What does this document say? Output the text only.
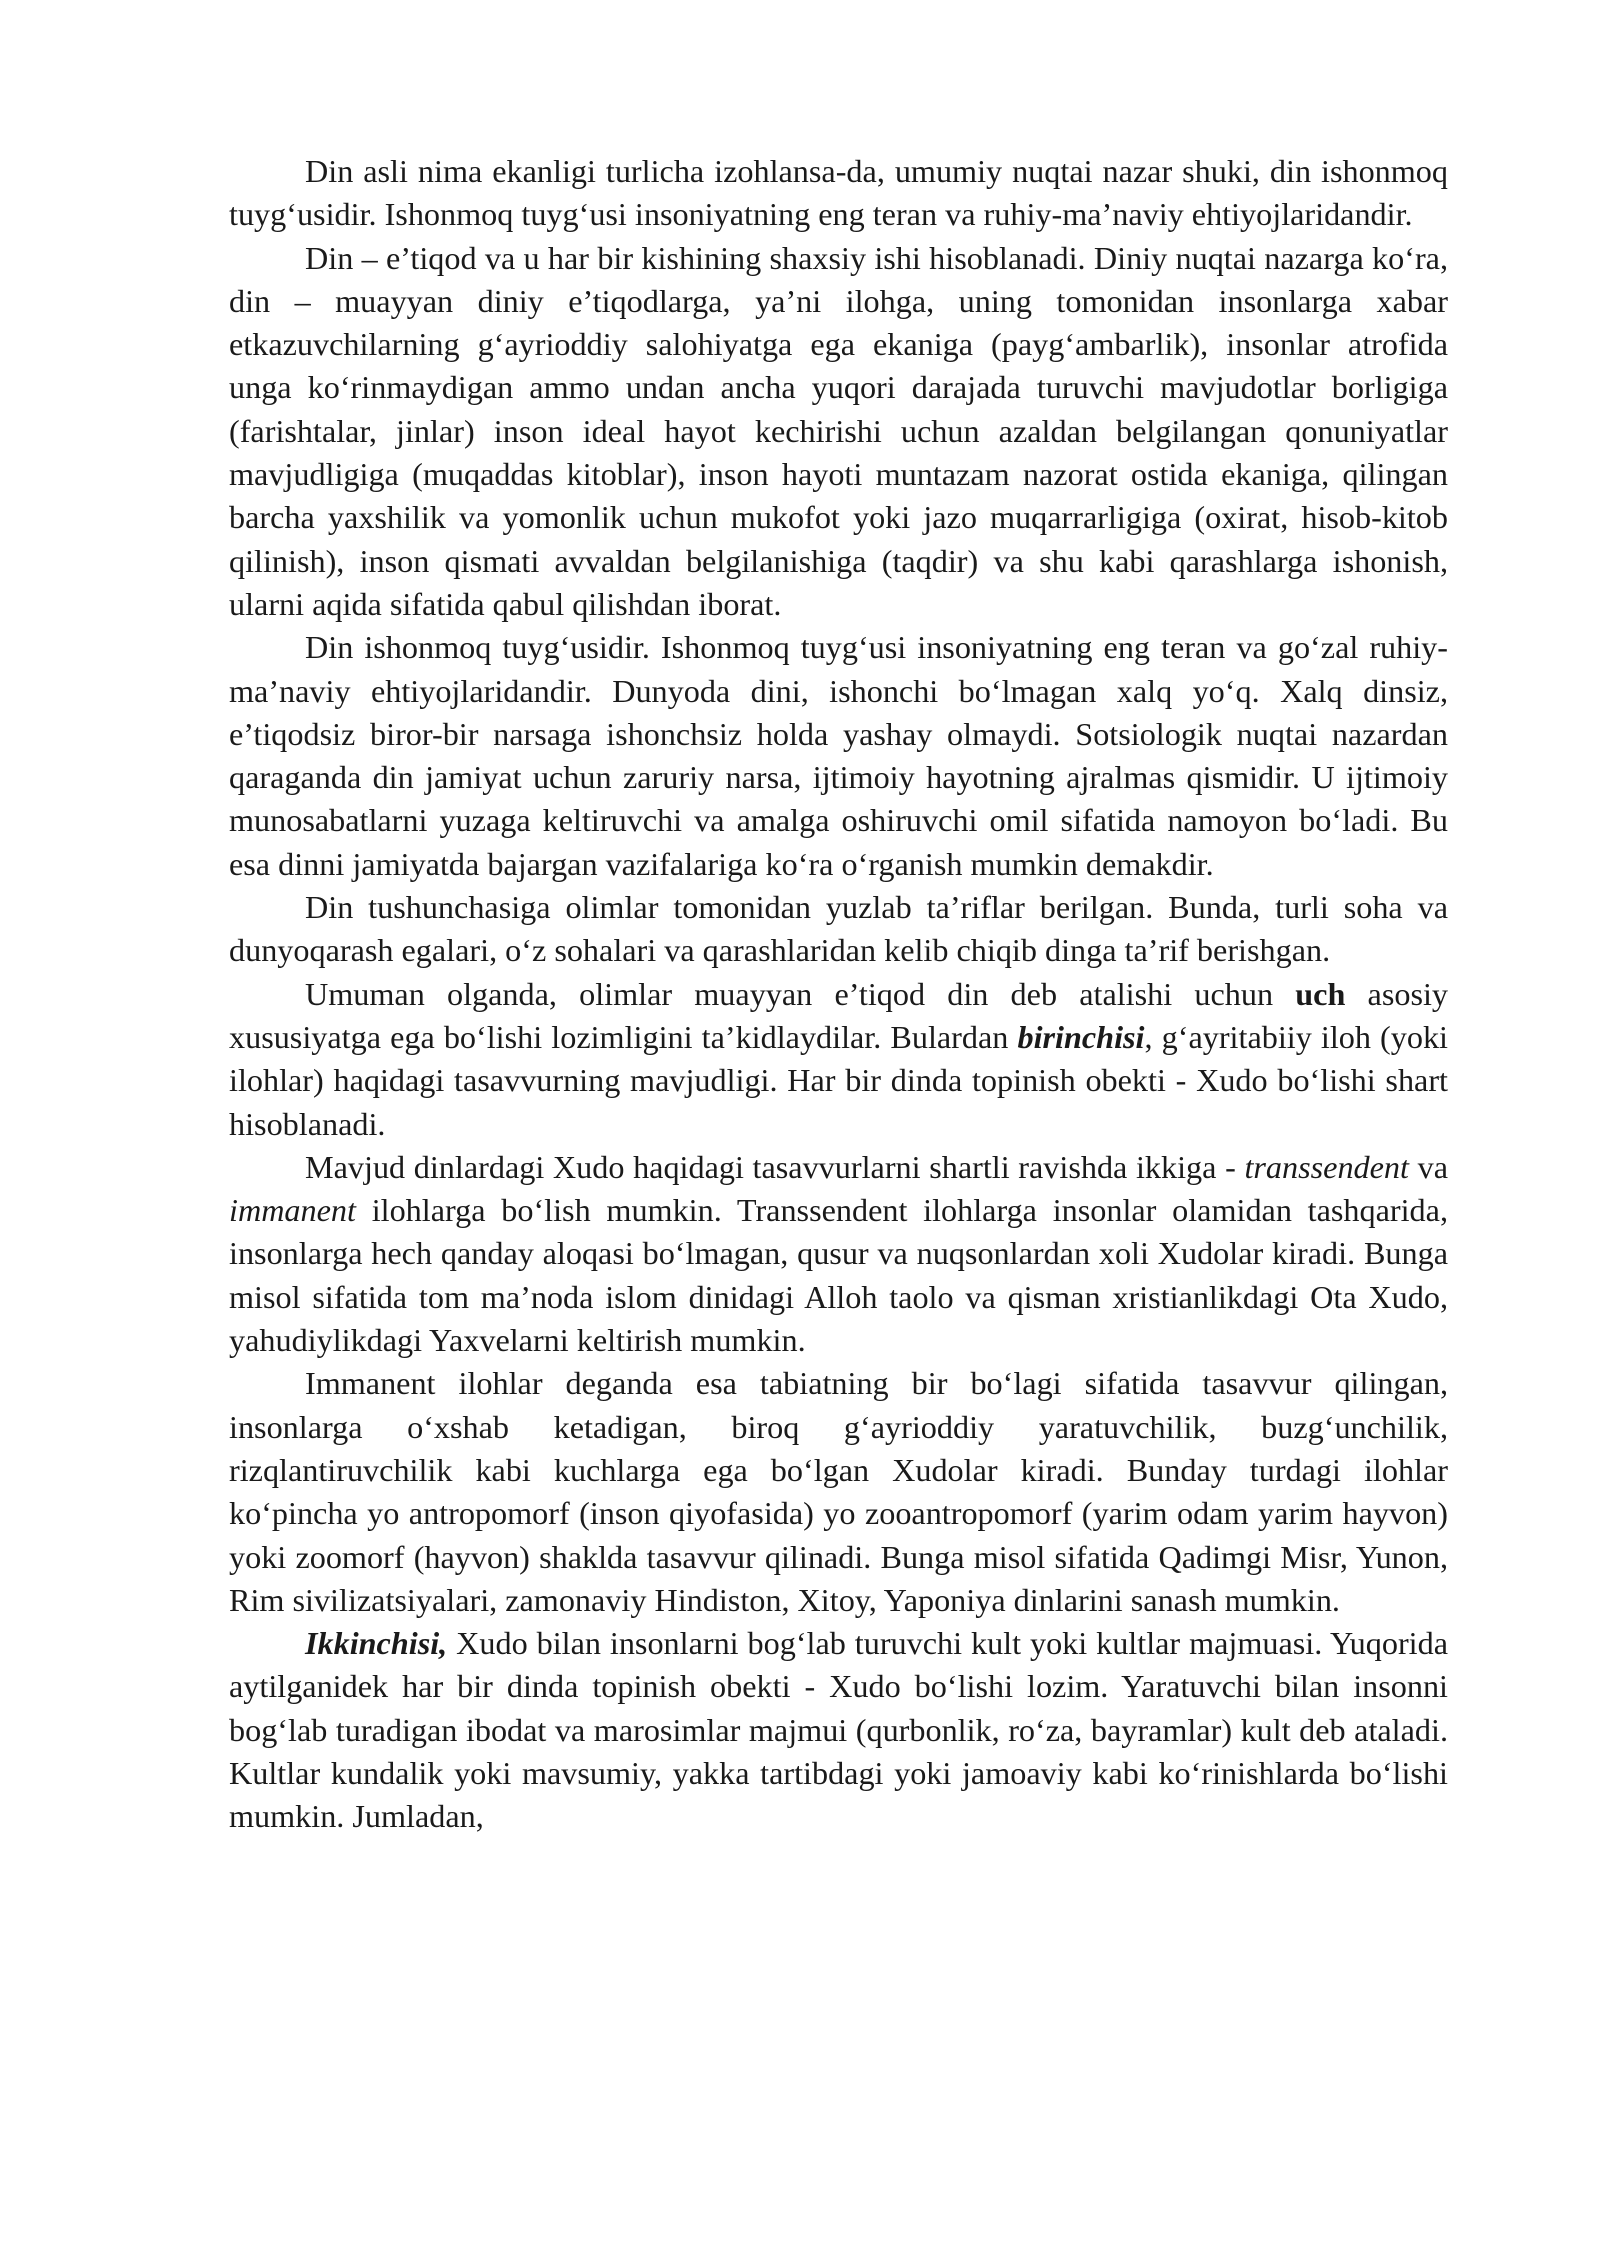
Din asli nima ekanligi turlicha izohlansa-da, umumiy nuqtai nazar shuki, din ishonmoq tuyg‘usidir. Ishonmoq tuyg‘usi insoniyatning eng teran va ruhiy-ma’naviy ehtiyojlaridandir.

Din – e’tiqod va u har bir kishining shaxsiy ishi hisoblanadi. Diniy nuqtai nazarga ko‘ra, din – muayyan diniy e’tiqodlarga, ya’ni ilohga, uning tomonidan insonlarga xabar etkazuvchilarning g‘ayrioddiy salohiyatga ega ekaniga (payg‘ambarlik), insonlar atrofida unga ko‘rinmaydigan ammo undan ancha yuqori darajada turuvchi mavjudotlar borligiga (farishtalar, jinlar) inson ideal hayot kechirishi uchun azaldan belgilangan qonuniyatlar mavjudligiga (muqaddas kitoblar), inson hayoti muntazam nazorat ostida ekaniga, qilingan barcha yaxshilik va yomonlik uchun mukofot yoki jazo muqarrarligiga (oxirat, hisob-kitob qilinish), inson qismati avvaldan belgilanishiga (taqdir) va shu kabi qarashlarga ishonish, ularni aqida sifatida qabul qilishdan iborat.

Din ishonmoq tuyg‘usidir. Ishonmoq tuyg‘usi insoniyatning eng teran va go‘zal ruhiy-ma’naviy ehtiyojlaridandir. Dunyoda dini, ishonchi bo‘lmagan xalq yo‘q. Xalq dinsiz, e’tiqodsiz biror-bir narsaga ishonchsiz holda yashay olmaydi. Sotsiologik nuqtai nazardan qaraganda din jamiyat uchun zaruriy narsa, ijtimoiy hayotning ajralmas qismidir. U ijtimoiy munosabatlarni yuzaga keltiruvchi va amalga oshiruvchi omil sifatida namoyon bo‘ladi. Bu esa dinni jamiyatda bajargan vazifalariga ko‘ra o‘rganish mumkin demakdir.

Din tushunchasiga olimlar tomonidan yuzlab ta’riflar berilgan. Bunda, turli soha va dunyoqarash egalari, o‘z sohalari va qarashlaridan kelib chiqib dinga ta’rif berishgan.

Umuman olganda, olimlar muayyan e’tiqod din deb atalishi uchun uch asosiy xususiyatga ega bo‘lishi lozimligini ta’kidlaydilar. Bulardan birinchisi, g‘ayritabiiy iloh (yoki ilohlar) haqidagi tasavvurning mavjudligi. Har bir dinda topinish obekti - Xudo bo‘lishi shart hisoblanadi.

Mavjud dinlardagi Xudo haqidagi tasavvurlarni shartli ravishda ikkiga - transsendent va immanent ilohlarga bo‘lish mumkin. Transsendent ilohlarga insonlar olamidan tashqarida, insonlarga hech qanday aloqasi bo‘lmagan, qusur va nuqsonlardan xoli Xudolar kiradi. Bunga misol sifatida tom ma’noda islom dinidagi Alloh taolo va qisman xristianlikdagi Ota Xudo, yahudiylikdagi Yaxvelarni keltirish mumkin.

Immanent ilohlar deganda esa tabiatning bir bo‘lagi sifatida tasavvur qilingan, insonlarga o‘xshab ketadigan, biroq g‘ayrioddiy yaratuvchilik, buzg‘unchilik, rizqlantiruvchilik kabi kuchlarga ega bo‘lgan Xudolar kiradi. Bunday turdagi ilohlar ko‘pincha yo antropomorf (inson qiyofasida) yo zooantropomorf (yarim odam yarim hayvon) yoki zoomorf (hayvon) shaklda tasavvur qilinadi. Bunga misol sifatida Qadimgi Misr, Yunon, Rim sivilizatsiyalari, zamonaviy Hindiston, Xitoy, Yaponiya dinlarini sanash mumkin.

Ikkinchisi, Xudo bilan insonlarni bog‘lab turuvchi kult yoki kultlar majmuasi. Yuqorida aytilganidek har bir dinda topinish obekti - Xudo bo‘lishi lozim. Yaratuvchi bilan insonni bog‘lab turadigan ibodat va marosimlar majmui (qurbonlik, ro‘za, bayramlar) kult deb ataladi. Kultlar kundalik yoki mavsumiy, yakka tartibdagi yoki jamoaviy kabi ko‘rinishlarda bo‘lishi mumkin. Jumladan,
